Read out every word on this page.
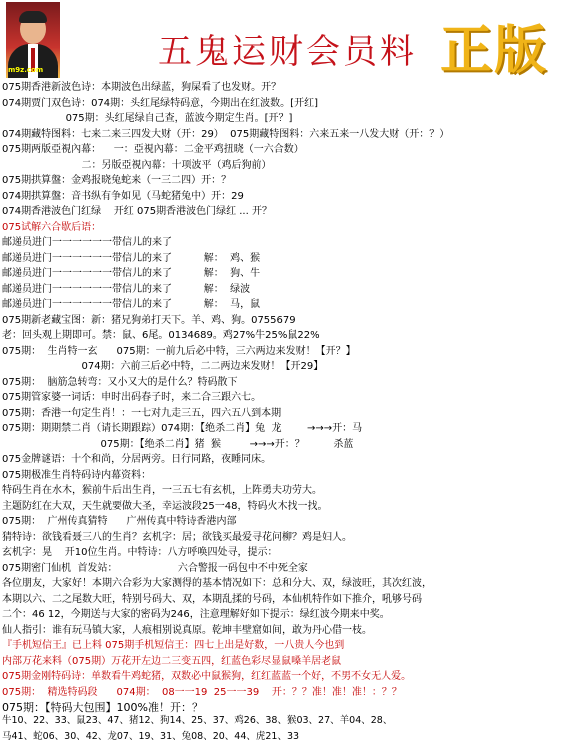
m9z.com	五鬼运财会员料 正版
075期香港新波色诗：本期波色出绿蓝，狗屎看了也发财。开？
074期贾门双色诗：074期：头红尾绿特码意，今期出在红波数。[开红]
075期：头红尾绿自己查，蓝波今期定生肖。[开？]
074期藏特图料：七来二来三四发大财（开：29）  075期藏特图料：六来五来一八发大财（开：？）
075期两版亞視內幕：    一：亞視內幕：二金平鸡扭晓（一六合数）
二：另版亞視內幕：十项波平（鸡后狗前）
075期拱算盤：金鸡报晓兔蛇来（一三二四）开：？
074期拱算盤：音书纵有争如见（马蛇猪兔中）开：29
074期香港波色门红绿    开红 075期香港波色门绿红 ... 开？
075试解六合歇后语：
邮递员进门一一一一一一带信儿的来了
邮递员进门一一一一一一带信儿的来了          解：  鸡、猴
邮递员进门一一一一一一带信儿的来了          解：  狗、牛
邮递员进门一一一一一一带信儿的来了          解：  绿波
邮递员进门一一一一一一带信儿的来了          解：  马，鼠
075期新老藏宝图：新：猪兄狗弟打天下。羊、鸡、狗。0755679
老：回头观上期即可。禁：鼠、6尾。0134689。鸡27%牛25%鼠22%
075期：  生肖特一玄      075期：一前九后必中特，三六两边来发财！【开？】
074期：六前三后必中特，二二两边来发财！【开29】
075期：  脑筋急转弯：又小又大的是什么？特码散下
075期管家婆一词话：申时出码春子时，来二合三跟六七。
075期：香港一句定生肖！：一七对九走三五，四六五八到本期
075期：期期禁二肖（请长期跟踪）074期：【绝杀二肖】兔  龙        →→→开：马
075期：【绝杀二肖】猪  猴         →→→开：？         杀蓝
075金牌谜语：十个和尚，分居两旁。日行同路，夜睡同床。
075期极准生肖特码诗内幕资料：
特码生肖在水木，猴前牛后出生肖，一三五七有玄机，上阵勇夫功劳大。
主题防红在大双，天生就要做大圣，幸运波段25一48，特码火木找一找。
075期：  广州传真猜特      广州传真中特诗香港内部
猜特诗：欲钱看聂三八的生肖？玄机字：居；欲钱买最爱寻花问柳？鸡是妇人。
玄机字：晃    开10位生肖。中特诗：八方呼唤四处寻，提示：
075期密门仙机  首发站：                   六合警报一码包中不中死全家
各位朋友，大家好！本期六合彩为大家测得的基本情况如下：总和分大、双，绿波旺，其次红波，
本期以六、二之尾数大旺，特别号码大、双，本期乱揉的号码，本仙机特作如下推介，吼够号码
二个：46 12，今期送与大家的密码为246，注意理解好如下提示：绿红波今期来中奖。
仙人指引：谁有玩马镇大家，人痕相别说真原。乾坤丰壁窟如间，敢为丹心借一枝。
『手机短信王』已上料 075期手机短信王：四七上出是好数，一八贵人今也到
内部万花来料（075期）万花开左边二三变五四，红蓝色彩尽显鼠嗓羊居老鼠
075期金刚特码诗：单数看牛鸡蛇猪，双数必中鼠猴狗，红红蓝蓝一个好，不男不女无人爱。
075期：  精选特码段      074期：  08一一19  25一一39    开：？？准！准！准！：？？
075期：【特码大包围】100%准！开：？
牛10、22、33、鼠23、47、猪12、狗14、25、37、鸡26、38、猴03、27、羊04、28、
马41、蛇06、30、42、龙07、19、31、兔08、20、44、虎21、33
